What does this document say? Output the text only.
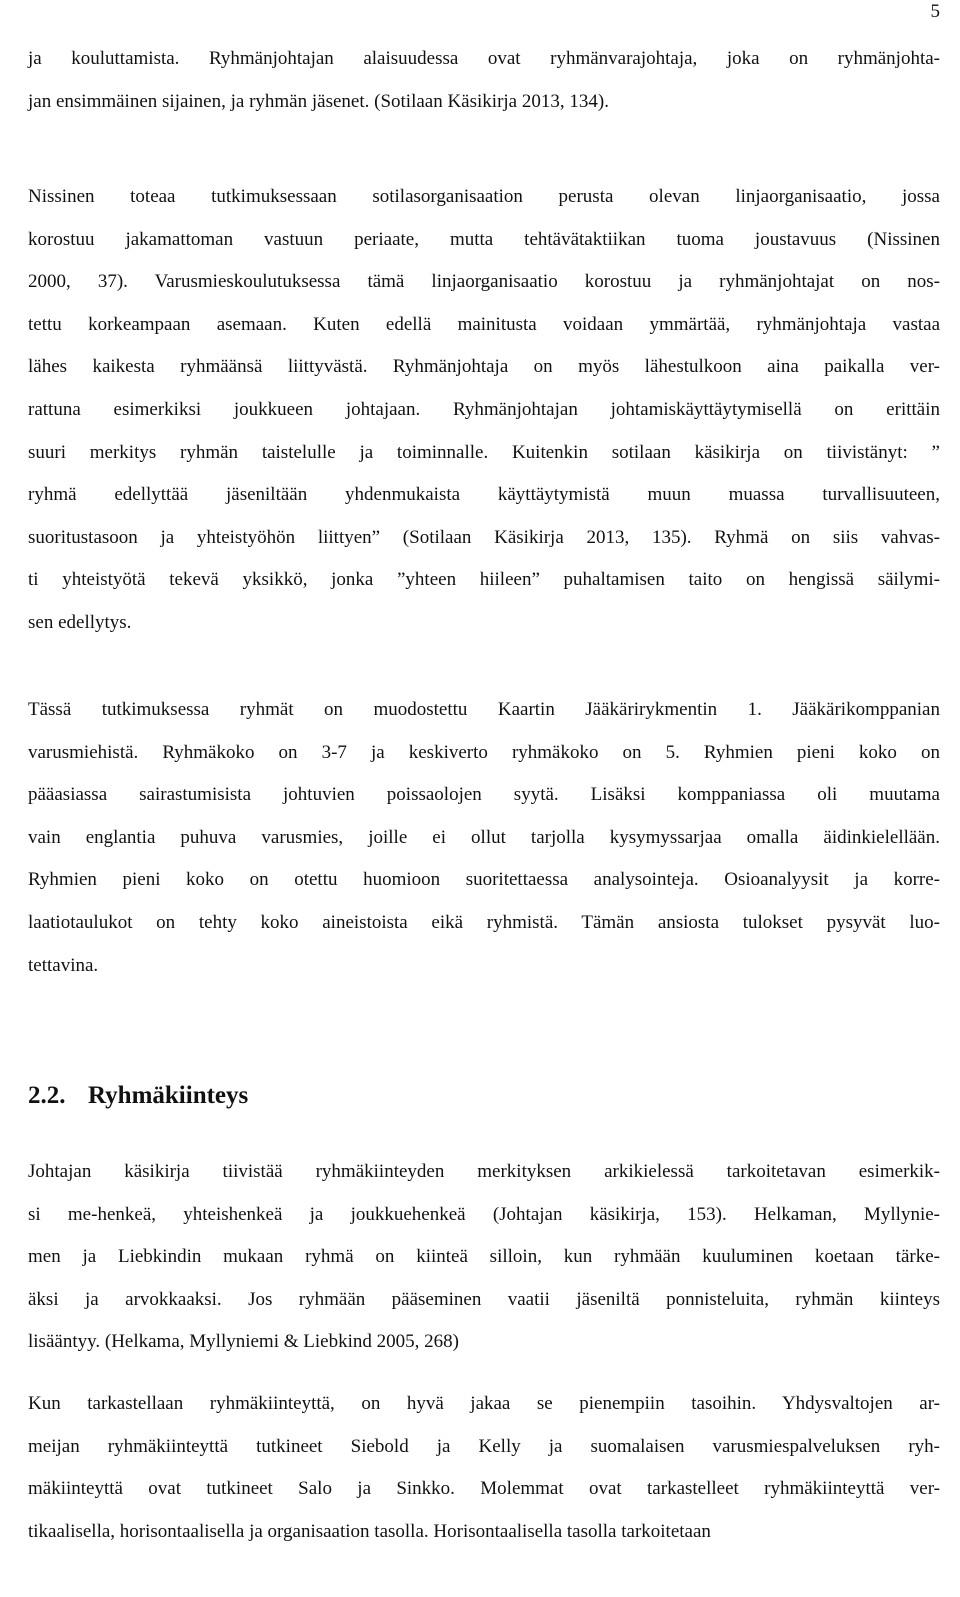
5
ja kouluttamista. Ryhmänjohtajan alaisuudessa ovat ryhmänvarajohtaja, joka on ryhmänjohta-
jan ensimmäinen sijainen, ja ryhmän jäsenet. (Sotilaan Käsikirja 2013, 134).
Nissinen toteaa tutkimuksessaan sotilasorganisaation perusta olevan linjaorganisaatio, jossa
korostuu jakamattoman vastuun periaate, mutta tehtävätaktiikan tuoma joustavuus (Nissinen
2000, 37). Varusmieskoulutuksessa tämä linjaorganisaatio korostuu ja ryhmänjohtajat on nos-
tettu korkeampaan asemaan. Kuten edellä mainitusta voidaan ymmärtää, ryhmänjohtaja vastaa
lähes kaikesta ryhmäänsä liittyvästä. Ryhmänjohtaja on myös lähestulkoon aina paikalla ver-
rattuna esimerkiksi joukkueen johtajaan. Ryhmänjohtajan johtamiskäyttäytymisellä on erittäin
suuri merkitys ryhmän taistelulle ja toiminnalle. Kuitenkin sotilaan käsikirja on tiivistänyt: ”
ryhmä edellyttää jäseniltään yhdenmukaista käyttäytymistä muun muassa turvallisuuteen,
suoritustasoon ja yhteistyöhön liittyen” (Sotilaan Käsikirja 2013, 135). Ryhmä on siis vahvas-
ti yhteistyötä tekevä yksikkö, jonka ”yhteen hiileen” puhaltamisen taito on hengissä säilymi-
sen edellytys.
Tässä tutkimuksessa ryhmät on muodostettu Kaartin Jääkärirykmentin 1. Jääkärikomppanian
varusmiehistä. Ryhmäkoko on 3-7 ja keskiverto ryhmäkoko on 5. Ryhmien pieni koko on
pääasiassa sairastumisista johtuvien poissaolojen syytä. Lisäksi komppaniassa oli muutama
vain englantia puhuva varusmies, joille ei ollut tarjolla kysymyssarjaa omalla äidinkielellään.
Ryhmien pieni koko on otettu huomioon suoritettaessa analysointeja. Osioanalyysit ja korre-
laatiotaulukot on tehty koko aineistoista eikä ryhmistä. Tämän ansiosta tulokset pysyvät luo-
tettavina.
2.2. Ryhmäkiinteys
Johtajan käsikirja tiivistää ryhmäkiinteyden merkityksen arkikielessä tarkoitetavan esimerkik-
si me-henkeä, yhteishenkeä ja joukkuehenkeä (Johtajan käsikirja, 153). Helkaman, Myllynie-
men ja Liebkindin mukaan ryhmä on kiinteä silloin, kun ryhmään kuuluminen koetaan tärke-
äksi ja arvokkaaksi. Jos ryhmään pääseminen vaatii jäseniltä ponnisteluita, ryhmän kiinteys
lisääntyy. (Helkama, Myllyniemi & Liebkind 2005, 268)
Kun tarkastellaan ryhmäkiinteyttä, on hyvä jakaa se pienempiin tasoihin. Yhdysvaltojen ar-
meijan ryhmäkiinteyttä tutkineet Siebold ja Kelly ja suomalaisen varusmiespalveluksen ryh-
mäkiinteyttä ovat tutkineet Salo ja Sinkko. Molemmat ovat tarkastelleet ryhmäkiinteyttä ver-
tikaalisella, horisontaalisella ja organisaation tasolla. Horisontaalisella tasolla tarkoitetaan
